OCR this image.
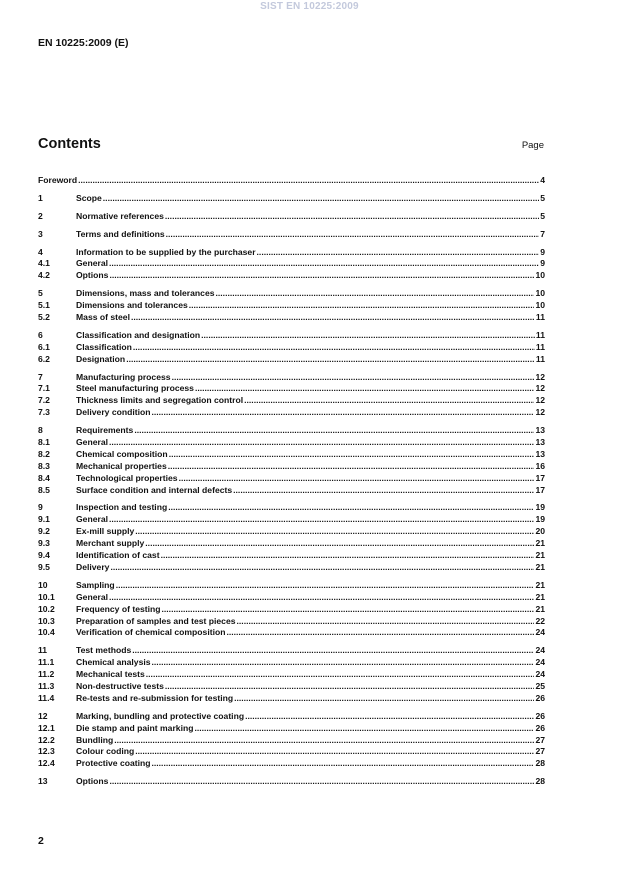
SIST EN 10225:2009
EN 10225:2009 (E)
Contents	Page
Foreword .....	4
1	Scope .....	5
2	Normative references .....	5
3	Terms and definitions .....	7
4	Information to be supplied by the purchaser .....	9
4.1	General .....	9
4.2	Options .....	10
5	Dimensions, mass and tolerances .....	10
5.1	Dimensions and tolerances .....	10
5.2	Mass of steel .....	11
6	Classification and designation .....	11
6.1	Classification .....	11
6.2	Designation .....	11
7	Manufacturing process .....	12
7.1	Steel manufacturing process .....	12
7.2	Thickness limits and segregation control .....	12
7.3	Delivery condition .....	12
8	Requirements .....	13
8.1	General .....	13
8.2	Chemical composition .....	13
8.3	Mechanical properties .....	16
8.4	Technological properties .....	17
8.5	Surface condition and internal defects .....	17
9	Inspection and testing .....	19
9.1	General .....	19
9.2	Ex-mill supply .....	20
9.3	Merchant supply .....	21
9.4	Identification of cast .....	21
9.5	Delivery .....	21
10	Sampling .....	21
10.1	General .....	21
10.2	Frequency of testing .....	21
10.3	Preparation of samples and test pieces .....	22
10.4	Verification of chemical composition .....	24
11	Test methods .....	24
11.1	Chemical analysis .....	24
11.2	Mechanical tests .....	24
11.3	Non-destructive tests .....	25
11.4	Re-tests and re-submission for testing .....	26
12	Marking, bundling and protective coating .....	26
12.1	Die stamp and paint marking .....	26
12.2	Bundling .....	27
12.3	Colour coding .....	27
12.4	Protective coating .....	28
13	Options .....	28
2
